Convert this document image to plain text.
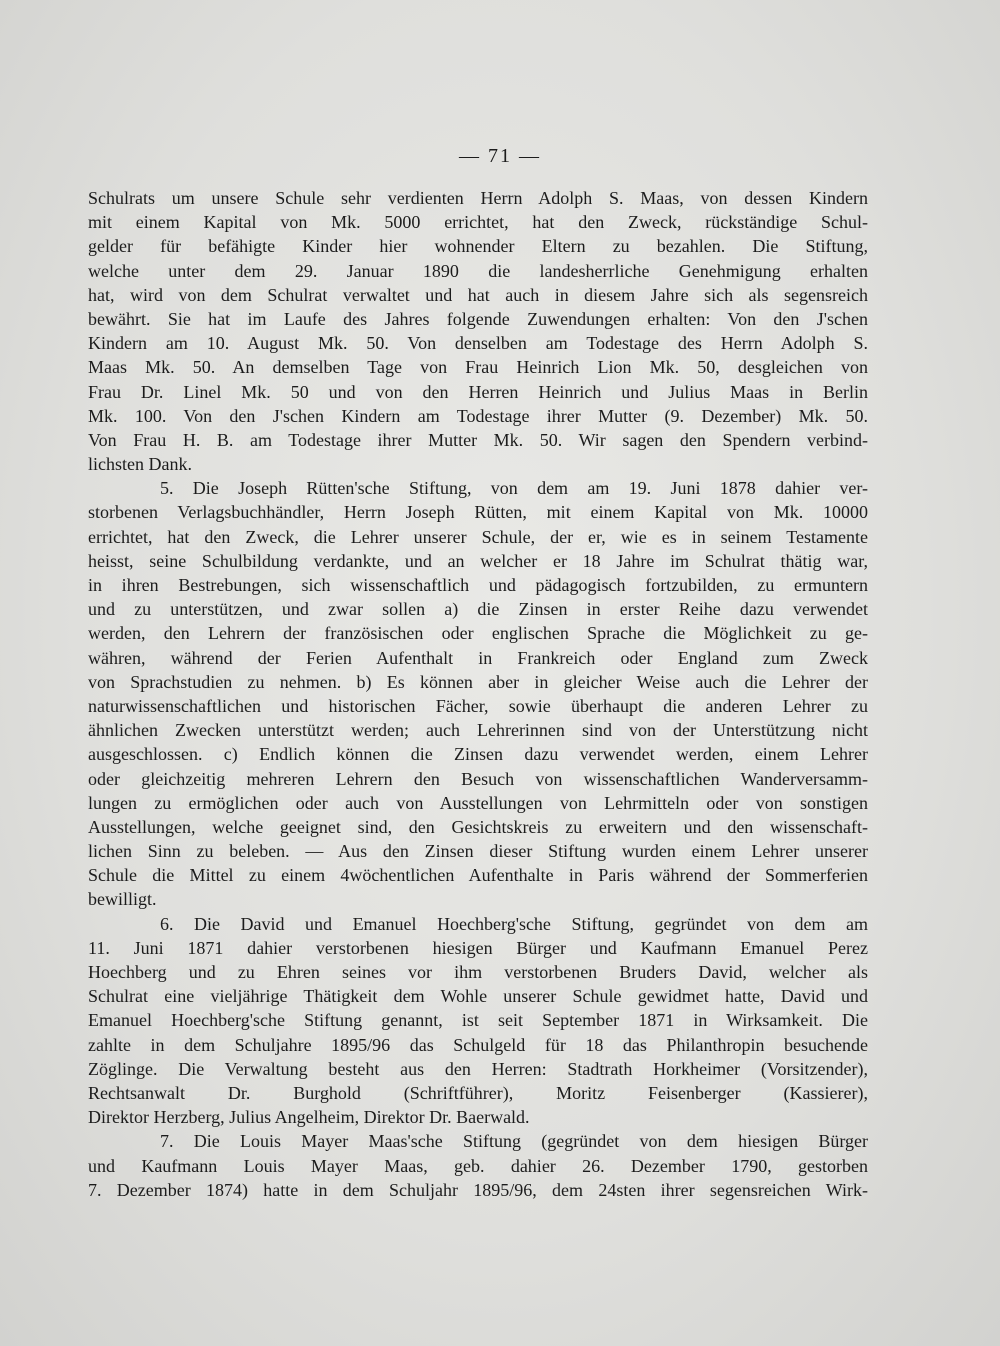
— 71 —
Schulrats um unsere Schule sehr verdienten Herrn Adolph S. Maas, von dessen Kindern
mit einem Kapital von Mk. 5000 errichtet, hat den Zweck, rückständige Schul-
gelder für befähigte Kinder hier wohnender Eltern zu bezahlen. Die Stiftung,
welche unter dem 29. Januar 1890 die landesherrliche Genehmigung erhalten
hat, wird von dem Schulrat verwaltet und hat auch in diesem Jahre sich als segensreich
bewährt. Sie hat im Laufe des Jahres folgende Zuwendungen erhalten: Von den J'schen
Kindern am 10. August Mk. 50. Von denselben am Todestage des Herrn Adolph S.
Maas Mk. 50. An demselben Tage von Frau Heinrich Lion Mk. 50, desgleichen von
Frau Dr. Linel Mk. 50 und von den Herren Heinrich und Julius Maas in Berlin
Mk. 100. Von den J'schen Kindern am Todestage ihrer Mutter (9. Dezember) Mk. 50.
Von Frau H. B. am Todestage ihrer Mutter Mk. 50. Wir sagen den Spendern verbind-
lichsten Dank.
5. Die Joseph Rütten'sche Stiftung, von dem am 19. Juni 1878 dahier ver-
storbenen Verlagsbuchhändler, Herrn Joseph Rütten, mit einem Kapital von Mk. 10000
errichtet, hat den Zweck, die Lehrer unserer Schule, der er, wie es in seinem Testamente
heisst, seine Schulbildung verdankte, und an welcher er 18 Jahre im Schulrat thätig war,
in ihren Bestrebungen, sich wissenschaftlich und pädagogisch fortzubilden, zu ermuntern
und zu unterstützen, und zwar sollen a) die Zinsen in erster Reihe dazu verwendet
werden, den Lehrern der französischen oder englischen Sprache die Möglichkeit zu ge-
währen, während der Ferien Aufenthalt in Frankreich oder England zum Zweck
von Sprachstudien zu nehmen. b) Es können aber in gleicher Weise auch die Lehrer der
naturwissenschaftlichen und historischen Fächer, sowie überhaupt die anderen Lehrer zu
ähnlichen Zwecken unterstützt werden; auch Lehrerinnen sind von der Unterstützung nicht
ausgeschlossen. c) Endlich können die Zinsen dazu verwendet werden, einem Lehrer
oder gleichzeitig mehreren Lehrern den Besuch von wissenschaftlichen Wanderversamm-
lungen zu ermöglichen oder auch von Ausstellungen von Lehrmitteln oder von sonstigen
Ausstellungen, welche geeignet sind, den Gesichtskreis zu erweitern und den wissenschaft-
lichen Sinn zu beleben. — Aus den Zinsen dieser Stiftung wurden einem Lehrer unserer
Schule die Mittel zu einem 4wöchentlichen Aufenthalte in Paris während der Sommerferien
bewilligt.
6. Die David und Emanuel Hoechberg'sche Stiftung, gegründet von dem am
11. Juni 1871 dahier verstorbenen hiesigen Bürger und Kaufmann Emanuel Perez
Hoechberg und zu Ehren seines vor ihm verstorbenen Bruders David, welcher als
Schulrat eine vieljährige Thätigkeit dem Wohle unserer Schule gewidmet hatte, David und
Emanuel Hoechberg'sche Stiftung genannt, ist seit September 1871 in Wirksamkeit. Die
zahlte in dem Schuljahre 1895/96 das Schulgeld für 18 das Philanthropin besuchende
Zöglinge. Die Verwaltung besteht aus den Herren: Stadtrath Horkheimer (Vorsitzender),
Rechtsanwalt Dr. Burghold (Schriftführer), Moritz Feisenberger (Kassierer),
Direktor Herzberg, Julius Angelheim, Direktor Dr. Baerwald.
7. Die Louis Mayer Maas'sche Stiftung (gegründet von dem hiesigen Bürger
und Kaufmann Louis Mayer Maas, geb. dahier 26. Dezember 1790, gestorben
7. Dezember 1874) hatte in dem Schuljahr 1895/96, dem 24sten ihrer segensreichen Wirk-
